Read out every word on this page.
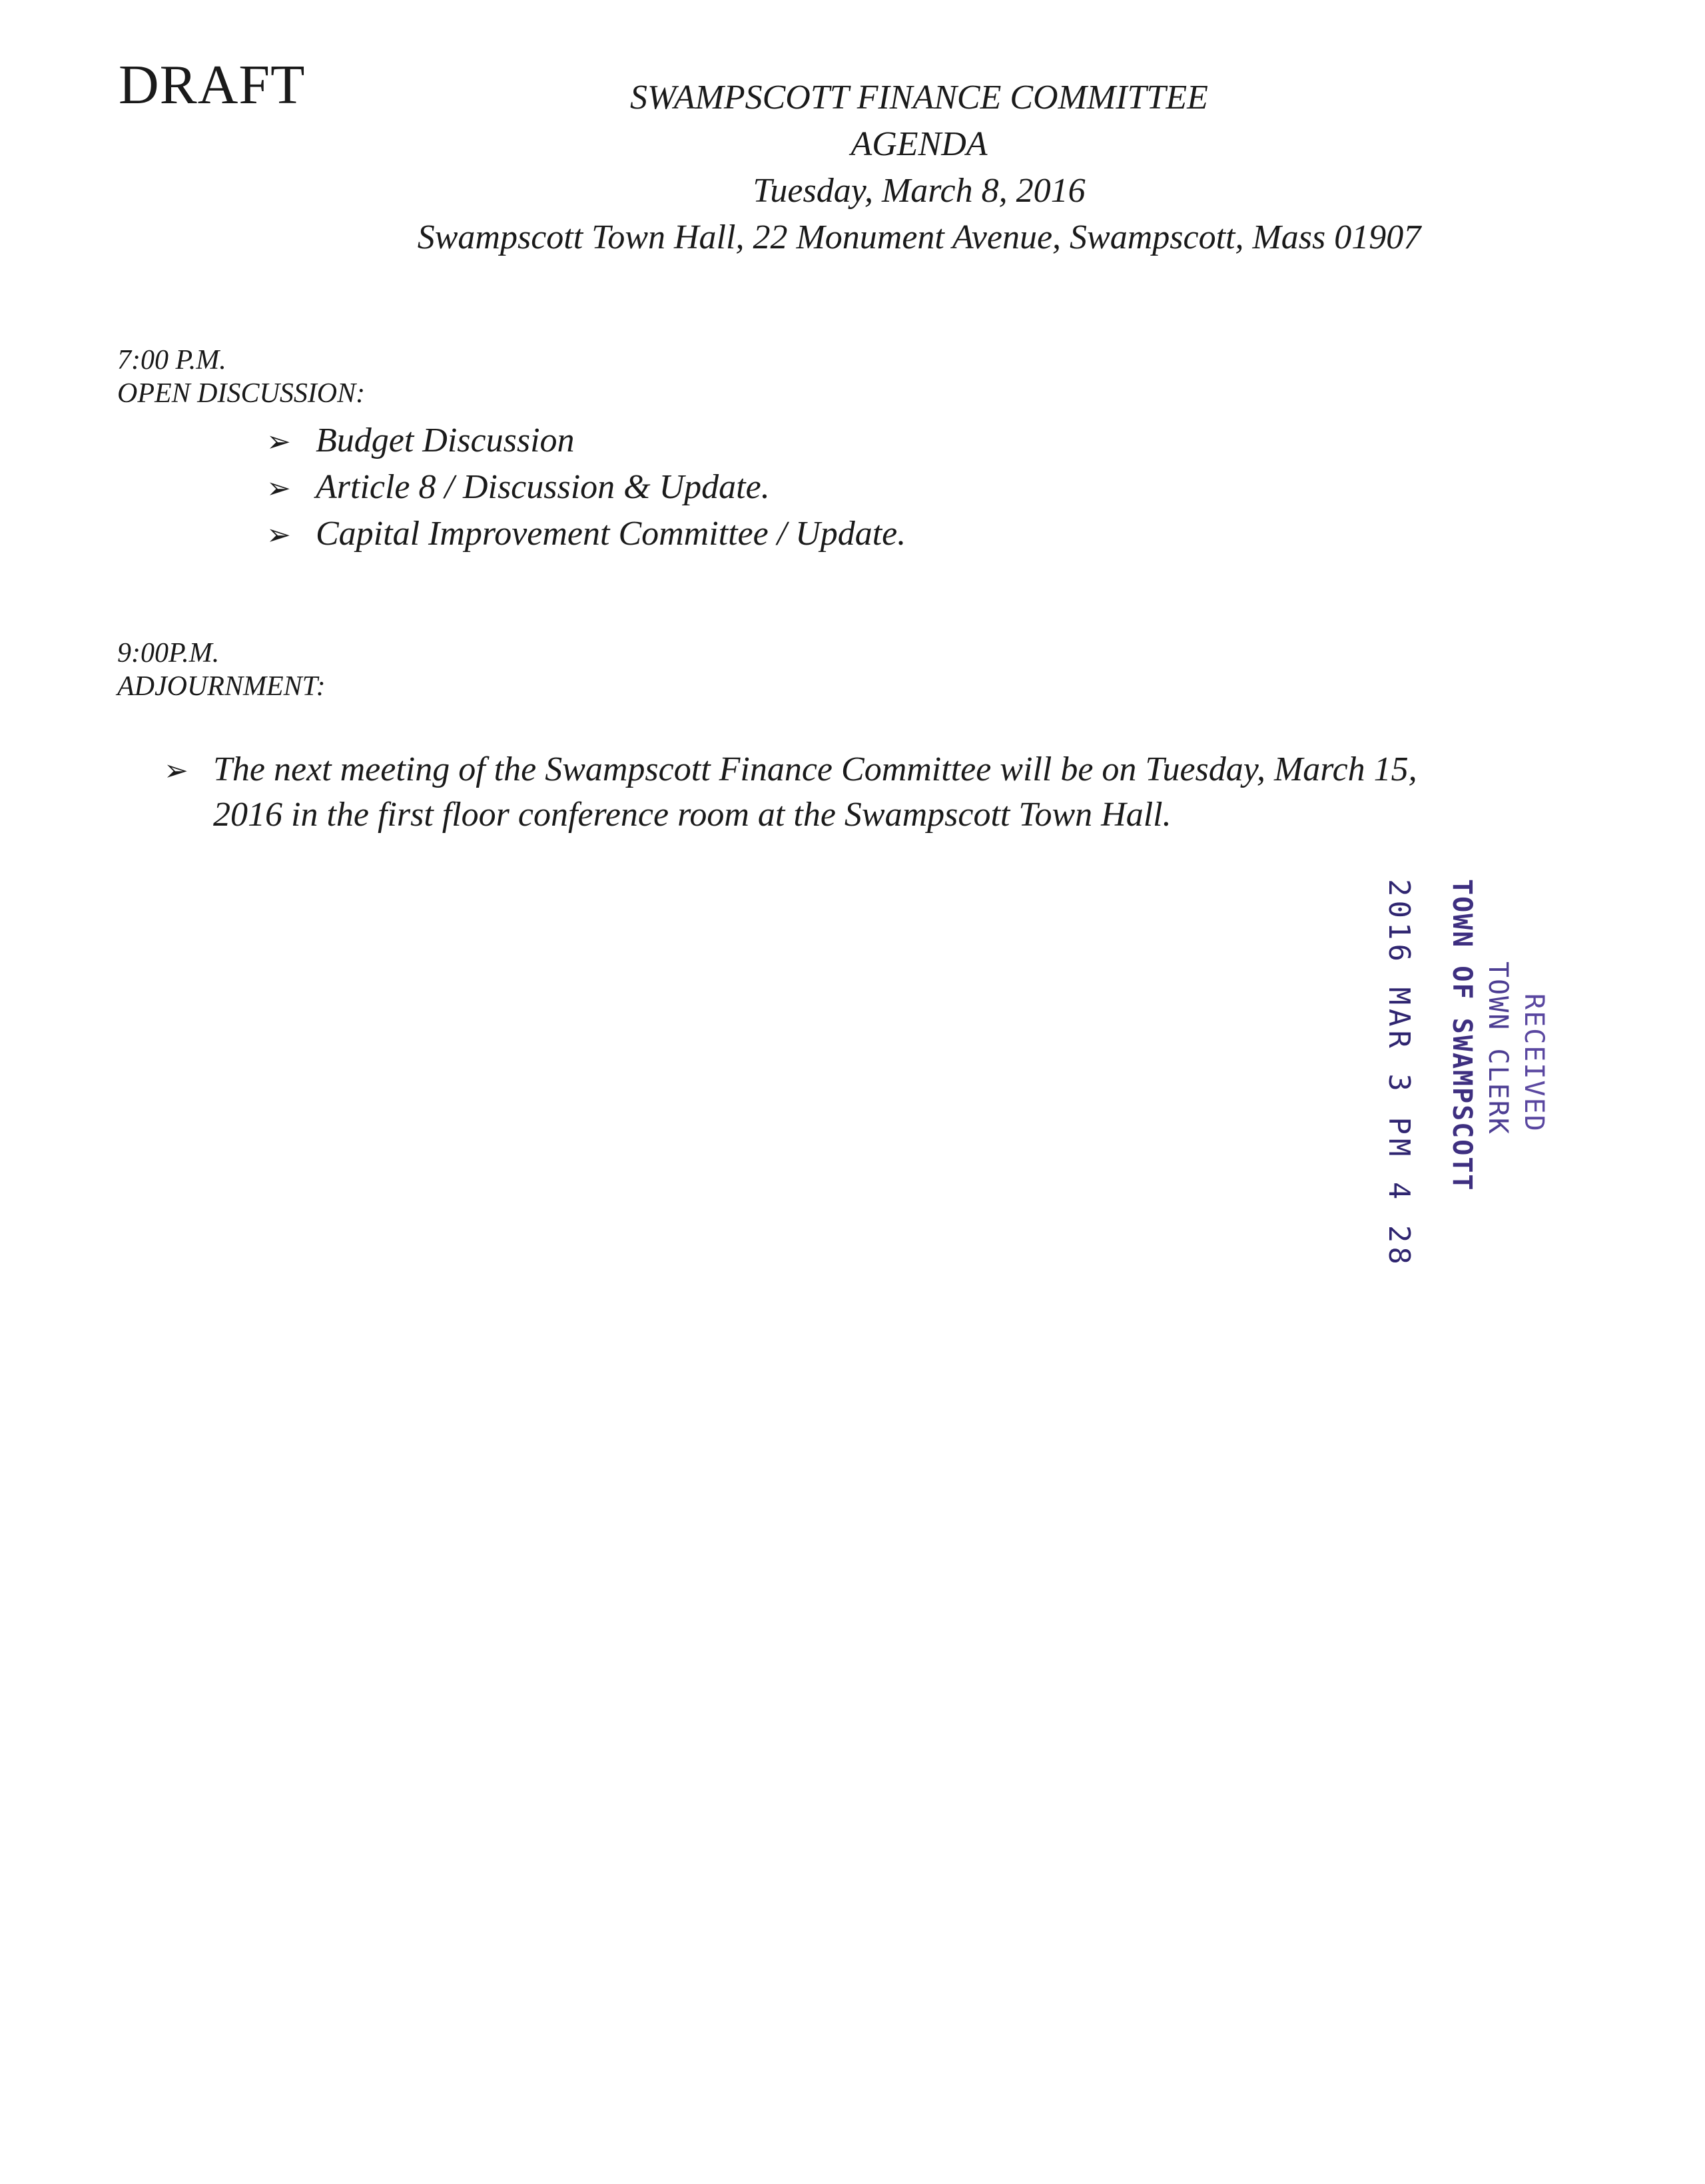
DRAFT	SWAMPSCOTT FINANCE COMMITTEE
AGENDA
Tuesday, March 8, 2016
Swampscott Town Hall, 22 Monument Avenue, Swampscott, Mass 01907
7:00 P.M.
OPEN DISCUSSION:
➢ Budget Discussion
➢ Article 8 / Discussion & Update.
➢ Capital Improvement Committee / Update.
9:00P.M.
ADJOURNMENT:
➢ The next meeting of the Swampscott Finance Committee will be on Tuesday, March 15,
2016 in the first floor conference room at the Swampscott Town Hall.
RECEIVED
TOWN CLERK
TOWN OF SWAMPSCOTT
2016 MAR 3 PM 4 28
